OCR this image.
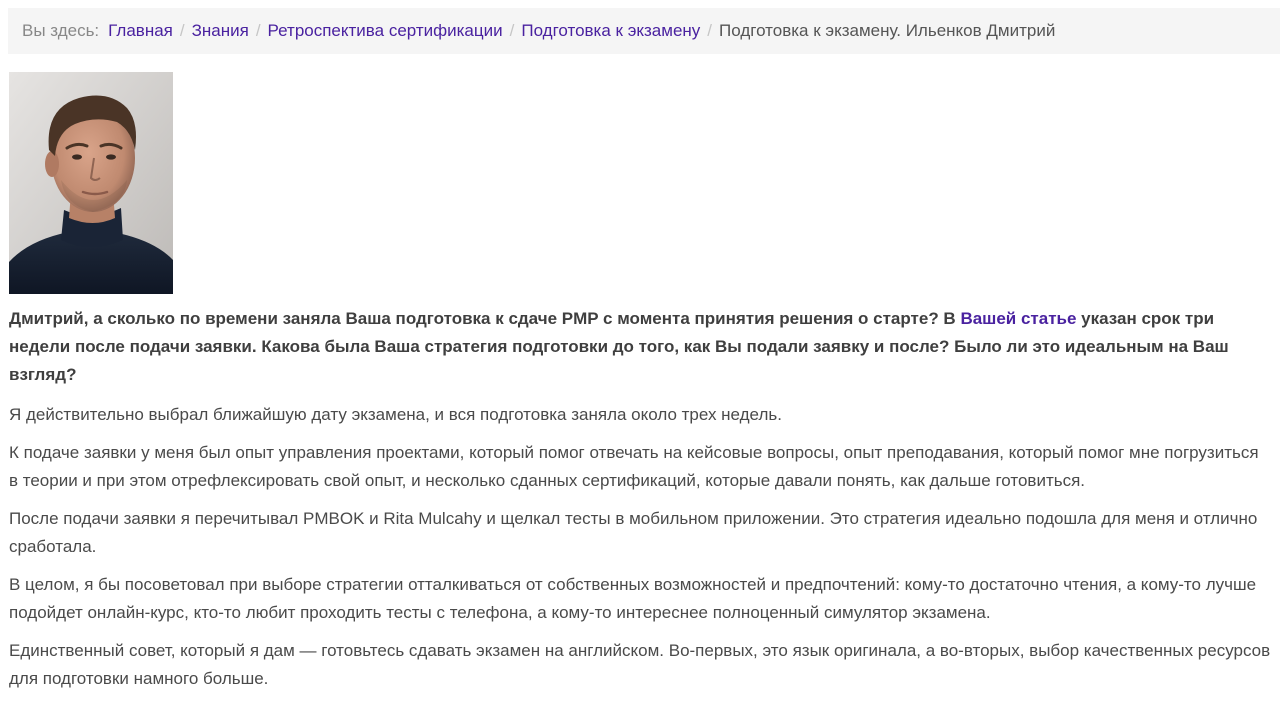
Вы здесь: Главная / Знания / Ретроспектива сертификации / Подготовка к экзамену / Подготовка к экзамену. Ильенков Дмитрий

Дмитрий, а сколько по времени заняла Ваша подготовка к сдаче PMP с момента принятия решения о старте? В Вашей статье указан срок три недели после подачи заявки. Какова была Ваша стратегия подготовки до того, как Вы подали заявку и после? Было ли это идеальным на Ваш взгляд?

Я действительно выбрал ближайшую дату экзамена, и вся подготовка заняла около трех недель.

К подаче заявки у меня был опыт управления проектами, который помог отвечать на кейсовые вопросы, опыт преподавания, который помог мне погрузиться в теории и при этом отрефлексировать свой опыт, и несколько сданных сертификаций, которые давали понять, как дальше готовиться.

После подачи заявки я перечитывал PMBOK и Rita Mulcahy и щелкал тесты в мобильном приложении. Это стратегия идеально подошла для меня и отлично сработала.

В целом, я бы посоветовал при выборе стратегии отталкиваться от собственных возможностей и предпочтений: кому-то достаточно чтения, а кому-то лучше подойдет онлайн-курс, кто-то любит проходить тесты с телефона, а кому-то интереснее полноценный симулятор экзамена.

Единственный совет, который я дам — готовьтесь сдавать экзамен на английском. Во-первых, это язык оригинала, а во-вторых, выбор качественных ресурсов для подготовки намного больше.
